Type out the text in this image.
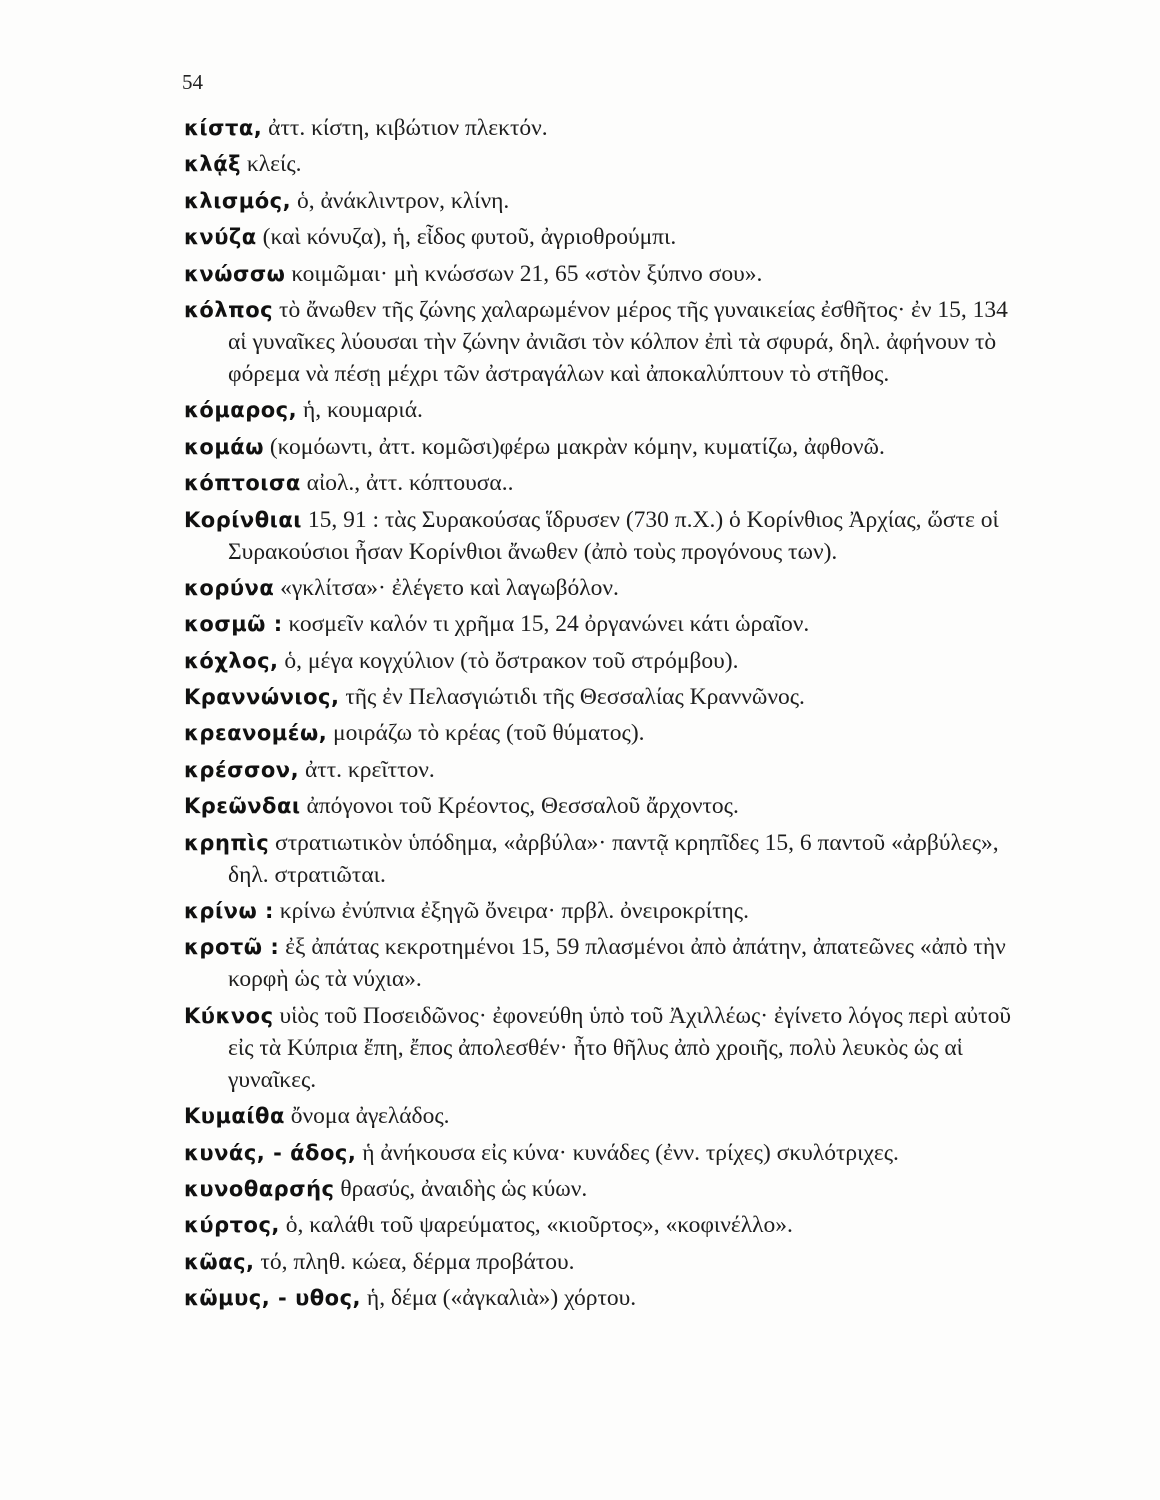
54

κίστα, ἀττ. κίστη, κιβώτιον πλεκτόν.

κλᾴξ κλείς.

κλισμός, ὁ, ἀνάκλιντρον, κλίνη.

κνύζα (καὶ κόνυζα), ἡ, εἶδος φυτοῦ, ἀγριοθρούμπι.

κνώσσω κοιμῶμαι· μὴ κνώσσων 21, 65 «στὸν ξύπνο σου».

κόλπος τὸ ἄνωθεν τῆς ζώνης χαλαρωμένον μέρος τῆς γυναικείας ἐσθῆτος· ἐν 15, 134 αἱ γυναῖκες λύουσαι τὴν ζώνην ἀνιᾶσι τὸν κόλπον ἐπὶ τὰ σφυρά, δηλ. ἀφήνουν τὸ φόρεμα νὰ πέσῃ μέχρι τῶν ἀστραγάλων καὶ ἀποκαλύπτουν τὸ στῆθος.

κόμαρος, ἡ, κουμαριά.

κομάω (κομόωντι, ἀττ. κομῶσι)φέρω μακρὰν κόμην, κυματίζω, ἀφθονῶ.

κόπτοισα αἰολ., ἀττ. κόπτουσα..

Κορίνθιαι 15, 91 : τὰς Συρακούσας ἵδρυσεν (730 π.Χ.) ὁ Κορίνθιος Ἀρχίας, ὥστε οἱ Συρακούσιοι ἦσαν Κορίνθιοι ἄνωθεν (ἀπὸ τοὺς προγόνους των).

κορύνα «γκλίτσα»· ἐλέγετο καὶ λαγωβόλον.

κοσμῶ : κοσμεῖν καλόν τι χρῆμα 15, 24 ὀργανώνει κάτι ὡραῖον.

κόχλος, ὁ, μέγα κογχύλιον (τὸ ὄστρακον τοῦ στρόμβου).

Κραννώνιος, τῆς ἐν Πελασγιώτιδι τῆς Θεσσαλίας Κραννῶνος.

κρεανομέω, μοιράζω τὸ κρέας (τοῦ θύματος).

κρέσσον, ἀττ. κρεῖττον.

Κρεῶνδαι ἀπόγονοι τοῦ Κρέοντος, Θεσσαλοῦ ἄρχοντος.

κρηπὶς στρατιωτικὸν ὑπόδημα, «ἀρβύλα»· παντᾷ κρηπῖδες 15, 6 παντοῦ «ἀρβύλες», δηλ. στρατιῶται.

κρίνω : κρίνω ἐνύπνια ἐξηγῶ ὄνειρα· πρβλ. ὀνειροκρίτης.

κροτῶ : ἐξ ἀπάτας κεκροτημένοι 15, 59 πλασμένοι ἀπὸ ἀπάτην, ἀπατεῶνες «ἀπὸ τὴν κορφὴ ὡς τὰ νύχια».

Κύκνος υἱὸς τοῦ Ποσειδῶνος· ἐφονεύθη ὑπὸ τοῦ Ἀχιλλέως· ἐγίνετο λόγος περὶ αὐτοῦ εἰς τὰ Κύπρια ἔπη, ἔπος ἀπολεσθέν· ἦτο θῆλυς ἀπὸ χροιῆς, πολὺ λευκὸς ὡς αἱ γυναῖκες.

Κυμαίθα ὄνομα ἀγελάδος.

κυνάς, - άδος, ἡ ἀνήκουσα εἰς κύνα· κυνάδες (ἐνν. τρίχες) σκυλότριχες.

κυνοθαρσής θρασύς, ἀναιδὴς ὡς κύων.

κύρτος, ὁ, καλάθι τοῦ ψαρεύματος, «κιοῦρτος», «κοφινέλλο».

κῶας, τό, πληθ. κώεα, δέρμα προβάτου.

κῶμυς, - υθος, ἡ, δέμα («ἀγκαλιὰ») χόρτου.
